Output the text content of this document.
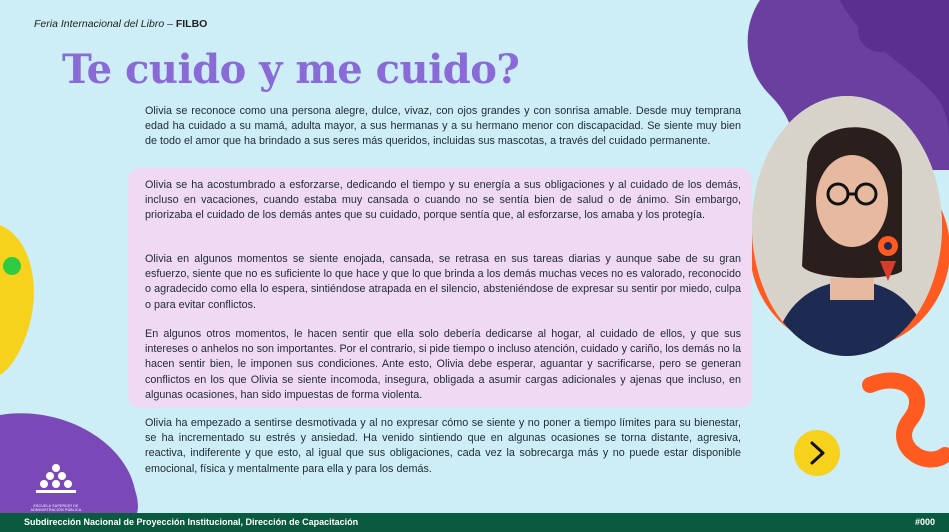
Feria Internacional del Libro – FILBO
Te cuido y me cuido?
Olivia se reconoce como una persona alegre, dulce, vivaz, con ojos grandes y con sonrisa amable. Desde muy temprana edad ha cuidado a su mamá, adulta mayor, a sus hermanas y a su hermano menor con discapacidad. Se siente muy bien de todo el amor que ha brindado a sus seres más queridos, incluidas sus mascotas, a través del cuidado permanente.
Olivia se ha acostumbrado a esforzarse, dedicando el tiempo y su energía a sus obligaciones y al cuidado de los demás, incluso en vacaciones, cuando estaba muy cansada o cuando no se sentía bien de salud o de ánimo. Sin embargo, priorizaba el cuidado de los demás antes que su cuidado, porque sentía que, al esforzarse, los amaba y los protegía.
Olivia en algunos momentos se siente enojada, cansada, se retrasa en sus tareas diarias y aunque sabe de su gran esfuerzo, siente que no es suficiente lo que hace y que lo que brinda a los demás muchas veces no es valorado, reconocido o agradecido como ella lo espera, sintiéndose atrapada en el silencio, absteniéndose de expresar su sentir por miedo, culpa o para evitar conflictos.
En algunos otros momentos, le hacen sentir que ella solo debería dedicarse al hogar, al cuidado de ellos, y que sus intereses o anhelos no son importantes. Por el contrario, si pide tiempo o incluso atención, cuidado y cariño, los demás no la hacen sentir bien, le imponen sus condiciones. Ante esto, Olivia debe esperar, aguantar y sacrificarse, pero se generan conflictos en los que Olivia se siente incomoda, insegura, obligada a asumir cargas adicionales y ajenas que incluso, en algunas ocasiones, han sido impuestas de forma violenta.
Olivia ha empezado a sentirse desmotivada y al no expresar cómo se siente y no poner a tiempo límites para su bienestar, se ha incrementado su estrés y ansiedad. Ha venido sintiendo que en algunas ocasiones se torna distante, agresiva, reactiva, indiferente y que esto, al igual que sus obligaciones, cada vez la sobrecarga más y no puede estar disponible emocional, física y mentalmente para ella y para los demás.
ESCUELA SUPERIOR DE ADMINISTRACIÓN PÚBLICA
Subdirección Nacional de Proyección Institucional, Dirección de Capacitación	#000
